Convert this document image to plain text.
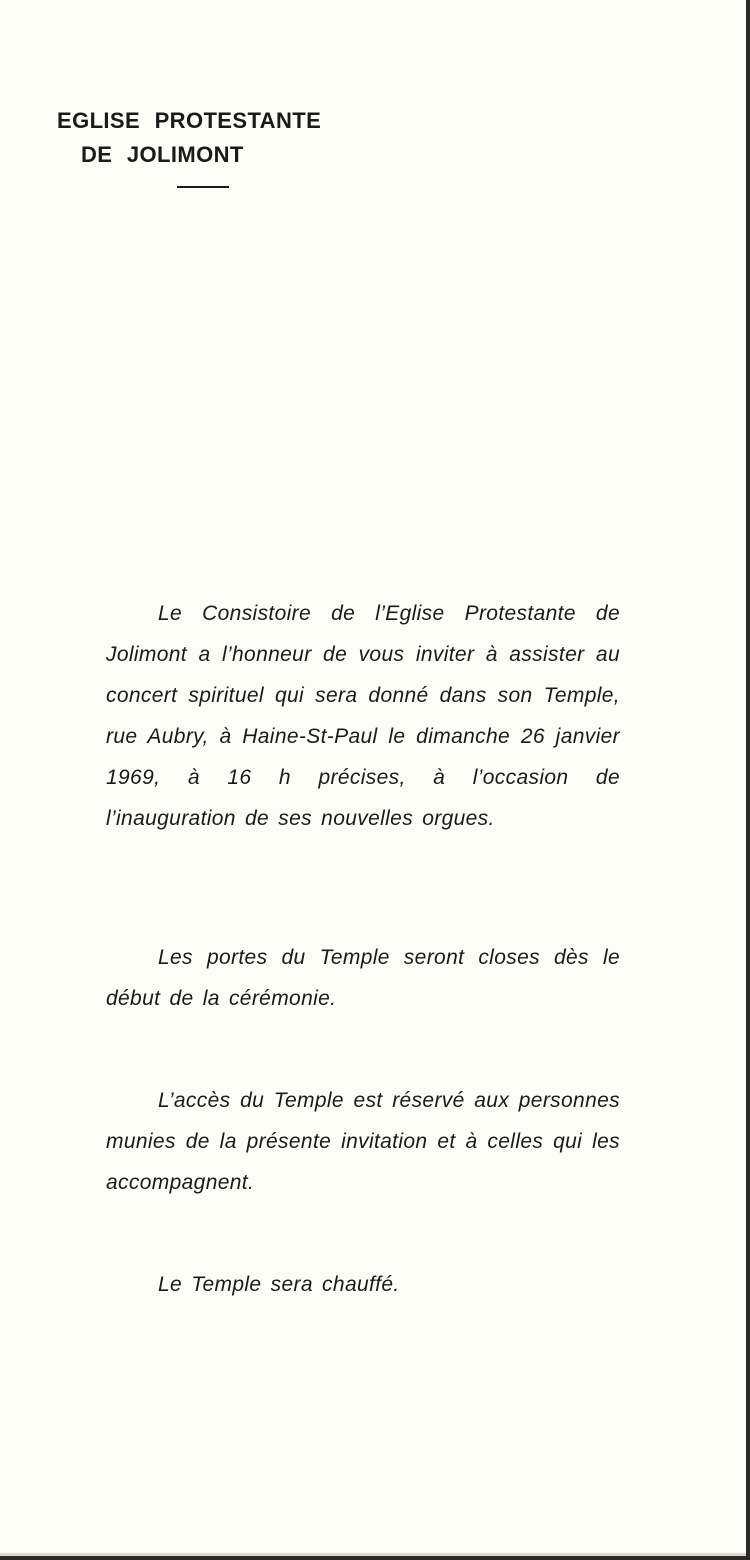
EGLISE PROTESTANTE
DE JOLIMONT

Le Consistoire de l’Eglise Protestante de Jolimont a l’honneur de vous inviter à assister au concert spirituel qui sera donné dans son Temple, rue Aubry, à Haine-St-Paul le dimanche 26 janvier 1969, à 16 h précises, à l’occasion de l’inauguration de ses nouvelles orgues.

Les portes du Temple seront closes dès le début de la cérémonie.

L’accès du Temple est réservé aux personnes munies de la présente invitation et à celles qui les accompagnent.

Le Temple sera chauffé.
